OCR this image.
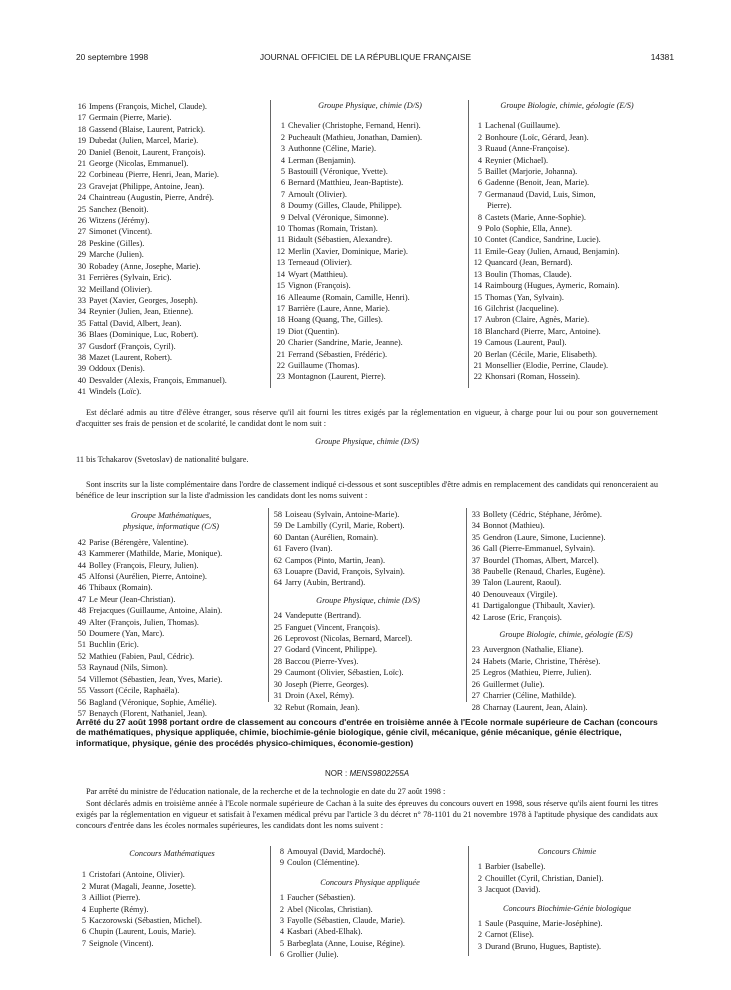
20 septembre 1998	JOURNAL OFFICIEL DE LA RÉPUBLIQUE FRANÇAISE	14381
16 Impens (François, Michel, Claude).
17 Germain (Pierre, Marie).
18 Gassend (Blaise, Laurent, Patrick).
19 Dubedat (Julien, Marcel, Marie).
20 Daniel (Benoit, Laurent, François).
21 George (Nicolas, Emmanuel).
22 Corbineau (Pierre, Henri, Jean, Marie).
23 Gravejat (Philippe, Antoine, Jean).
24 Chaintreau (Augustin, Pierre, André).
25 Sanchez (Benoit).
26 Witzens (Jérémy).
27 Simonet (Vincent).
28 Peskine (Gilles).
29 Marche (Julien).
30 Robadey (Anne, Josephe, Marie).
31 Ferrières (Sylvain, Eric).
32 Meilland (Olivier).
33 Payet (Xavier, Georges, Joseph).
34 Reynier (Julien, Jean, Etienne).
35 Fattal (David, Albert, Jean).
36 Blaes (Dominique, Luc, Robert).
37 Gusdorf (François, Cyril).
38 Mazet (Laurent, Robert).
39 Oddoux (Denis).
40 Desvalder (Alexis, François, Emmanuel).
41 Windels (Loïc).
Groupe Physique, chimie (D/S)
1 Chevalier (Christophe, Fernand, Henri).
2 Pucheault (Mathieu, Jonathan, Damien).
3 Authonne (Céline, Marie).
4 Lerman (Benjamin).
5 Bastouill (Véronique, Yvette).
6 Bernard (Matthieu, Jean-Baptiste).
7 Arnoult (Olivier).
8 Doumy (Gilles, Claude, Philippe).
9 Delval (Véronique, Simonne).
10 Thomas (Romain, Tristan).
11 Bidault (Sébastien, Alexandre).
12 Merlin (Xavier, Dominique, Marie).
13 Terneaud (Olivier).
14 Wyart (Matthieu).
15 Vignon (François).
16 Alleaume (Romain, Camille, Henri).
17 Barrière (Laure, Anne, Marie).
18 Hoang (Quang, The, Gilles).
19 Diot (Quentin).
20 Charier (Sandrine, Marie, Jeanne).
21 Ferrand (Sébastien, Frédéric).
22 Guillaume (Thomas).
23 Montagnon (Laurent, Pierre).
Groupe Biologie, chimie, géologie (E/S)
1 Lachenal (Guillaume).
2 Bonhoure (Loïc, Gérard, Jean).
3 Ruaud (Anne-Françoise).
4 Reynier (Michael).
5 Baillet (Marjorie, Johanna).
6 Gadenne (Benoit, Jean, Marie).
7 Germanaud (David, Luis, Simon,
Pierre).
8 Castets (Marie, Anne-Sophie).
9 Polo (Sophie, Ella, Anne).
10 Contet (Candice, Sandrine, Lucie).
11 Emile-Geay (Julien, Arnaud, Benjamin).
12 Quancard (Jean, Bernard).
13 Boulin (Thomas, Claude).
14 Raimbourg (Hugues, Aymeric, Romain).
15 Thomas (Yan, Sylvain).
16 Gilchrist (Jacqueline).
17 Aubron (Claire, Agnès, Marie).
18 Blanchard (Pierre, Marc, Antoine).
19 Camous (Laurent, Paul).
20 Berlan (Cécile, Marie, Elisabeth).
21 Monsellier (Elodie, Perrine, Claude).
22 Khonsari (Roman, Hossein).
Est déclaré admis au titre d'élève étranger, sous réserve qu'il ait fourni les titres exigés par la réglementation en vigueur, à charge pour lui ou pour son gouvernement d'acquitter ses frais de pension et de scolarité, le candidat dont le nom suit :
Groupe Physique, chimie (D/S)
11 bis Tchakarov (Svetoslav) de nationalité bulgare.
Sont inscrits sur la liste complémentaire dans l'ordre de classement indiqué ci-dessous et sont susceptibles d'être admis en remplacement des candidats qui renonceraient au bénéfice de leur inscription sur la liste d'admission les candidats dont les noms suivent :
Groupe Mathématiques,
physique, informatique (C/S)
42 Parise (Bérengère, Valentine).
43 Kammerer (Mathilde, Marie, Monique).
44 Bolley (François, Fleury, Julien).
45 Alfonsi (Aurélien, Pierre, Antoine).
46 Thibaux (Romain).
47 Le Meur (Jean-Christian).
48 Frejacques (Guillaume, Antoine, Alain).
49 Alter (François, Julien, Thomas).
50 Doumere (Yan, Marc).
51 Buchlin (Eric).
52 Mathieu (Fabien, Paul, Cédric).
53 Raynaud (Nils, Simon).
54 Villemot (Sébastien, Jean, Yves, Marie).
55 Vassort (Cécile, Raphaëla).
56 Bagland (Véronique, Sophie, Amélie).
57 Benaych (Florent, Nathaniel, Jean).
58 Loiseau (Sylvain, Antoine-Marie).
59 De Lambilly (Cyril, Marie, Robert).
60 Dantan (Aurélien, Romain).
61 Favero (Ivan).
62 Campos (Pinto, Martin, Jean).
63 Louapre (David, François, Sylvain).
64 Jarry (Aubin, Bertrand).
Groupe Physique, chimie (D/S)
24 Vandeputte (Bertrand).
25 Fanguet (Vincent, François).
26 Leprovost (Nicolas, Bernard, Marcel).
27 Godard (Vincent, Philippe).
28 Baccou (Pierre-Yves).
29 Caumont (Olivier, Sébastien, Loïc).
30 Joseph (Pierre, Georges).
31 Droin (Axel, Rémy).
32 Rebut (Romain, Jean).
33 Bollety (Cédric, Stéphane, Jérôme).
34 Bonnot (Mathieu).
35 Gendron (Laure, Simone, Lucienne).
36 Gall (Pierre-Emmanuel, Sylvain).
37 Bourdel (Thomas, Albert, Marcel).
38 Paubelle (Renaud, Charles, Eugène).
39 Talon (Laurent, Raoul).
40 Denouveaux (Virgile).
41 Dartigalongue (Thibault, Xavier).
42 Larose (Eric, François).
Groupe Biologie, chimie, géologie (E/S)
23 Auvergnon (Nathalie, Eliane).
24 Habets (Marie, Christine, Thérèse).
25 Legros (Mathieu, Pierre, Julien).
26 Guillermet (Julie).
27 Charrier (Céline, Mathilde).
28 Charnay (Laurent, Jean, Alain).
Arrêté du 27 août 1998 portant ordre de classement au concours d'entrée en troisième année à l'Ecole normale supérieure de Cachan (concours de mathématiques, physique appliquée, chimie, biochimie-génie biologique, génie civil, mécanique, génie mécanique, génie électrique, informatique, physique, génie des procédés physico-chimiques, économie-gestion)
NOR : MENS9802255A
Par arrêté du ministre de l'éducation nationale, de la recherche et de la technologie en date du 27 août 1998 :
Sont déclarés admis en troisième année à l'Ecole normale supérieure de Cachan à la suite des épreuves du concours ouvert en 1998, sous réserve qu'ils aient fourni les titres exigés par la réglementation en vigueur et satisfait à l'examen médical prévu par l'article 3 du décret n° 78-1101 du 21 novembre 1978 à l'aptitude physique des candidats aux concours d'entrée dans les écoles normales supérieures, les candidats dont les noms suivent :
Concours Mathématiques
1 Cristofari (Antoine, Olivier).
2 Murat (Magali, Jeanne, Josette).
3 Ailliot (Pierre).
4 Eupherte (Rémy).
5 Kaczorowski (Sébastien, Michel).
6 Chupin (Laurent, Louis, Marie).
7 Seignole (Vincent).
8 Amouyal (David, Mardoché).
9 Coulon (Clémentine).
Concours Physique appliquée
1 Faucher (Sébastien).
2 Abel (Nicolas, Christian).
3 Fayolle (Sébastien, Claude, Marie).
4 Kasbari (Abed-Elhak).
5 Barbeglata (Anne, Louise, Régine).
6 Grollier (Julie).
Concours Chimie
1 Barbier (Isabelle).
2 Chouillet (Cyril, Christian, Daniel).
3 Jacquot (David).
Concours Biochimie-Génie biologique
1 Saule (Pasquine, Marie-Joséphine).
2 Carnot (Elise).
3 Durand (Bruno, Hugues, Baptiste).
